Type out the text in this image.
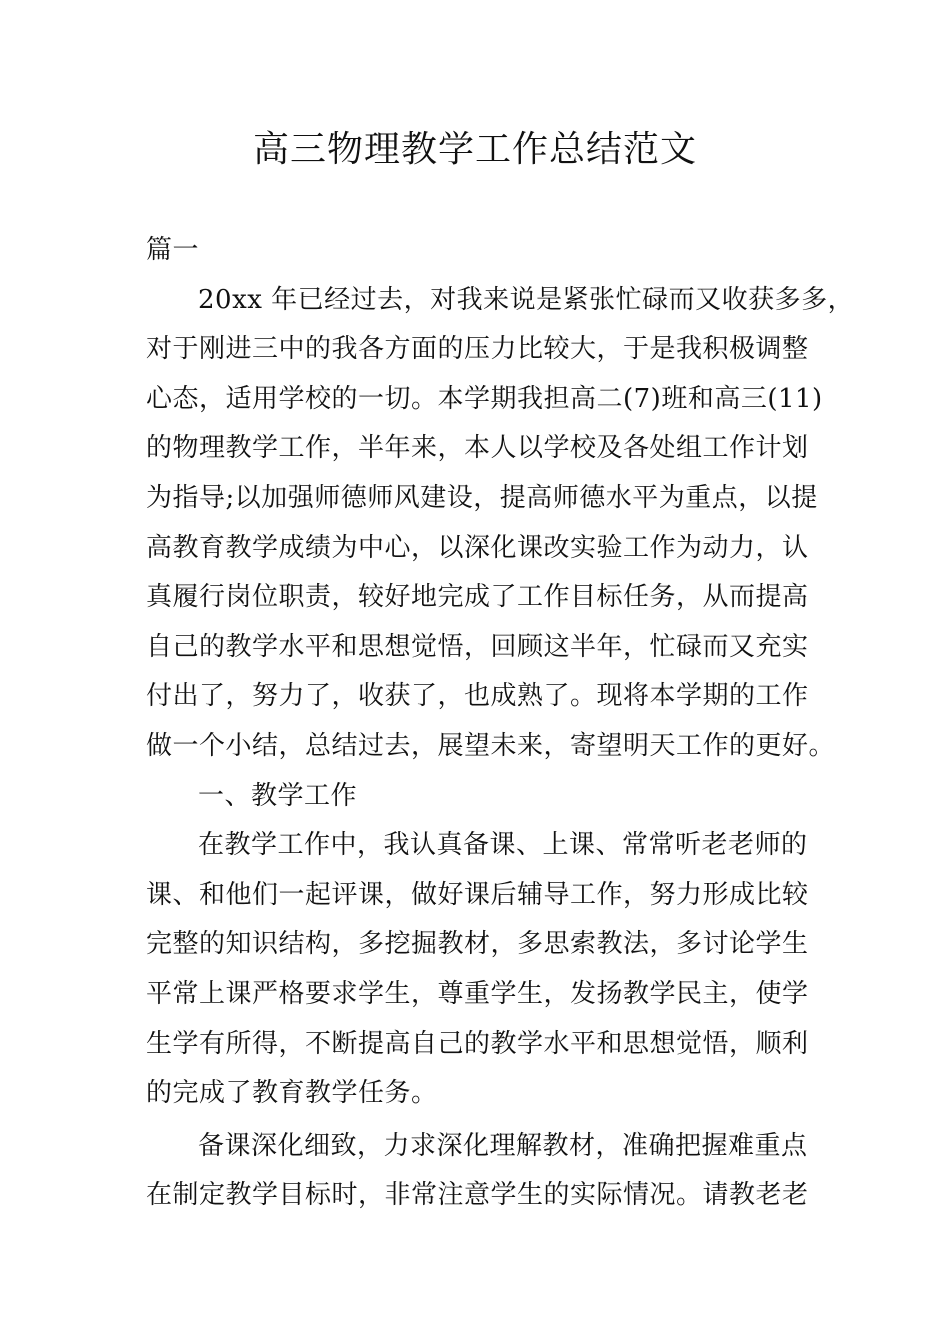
高三物理教学工作总结范文
篇一
20xx 年已经过去，对我来说是紧张忙碌而又收获多多，
对于刚进三中的我各方面的压力比较大，于是我积极调整
心态，适用学校的一切。本学期我担高二(7)班和高三(11)
的物理教学工作，半年来，本人以学校及各处组工作计划
为指导;以加强师德师风建设，提高师德水平为重点，以提
高教育教学成绩为中心，以深化课改实验工作为动力，认
真履行岗位职责，较好地完成了工作目标任务，从而提高
自己的教学水平和思想觉悟，回顾这半年，忙碌而又充实
付出了，努力了，收获了，也成熟了。现将本学期的工作
做一个小结，总结过去，展望未来，寄望明天工作的更好。
一、教学工作
在教学工作中，我认真备课、上课、常常听老老师的
课、和他们一起评课，做好课后辅导工作，努力形成比较
完整的知识结构，多挖掘教材，多思索教法，多讨论学生
平常上课严格要求学生，尊重学生，发扬教学民主，使学
生学有所得，不断提高自己的教学水平和思想觉悟，顺利
的完成了教育教学任务。
备课深化细致，力求深化理解教材，准确把握难重点
在制定教学目标时，非常注意学生的实际情况。请教老老
